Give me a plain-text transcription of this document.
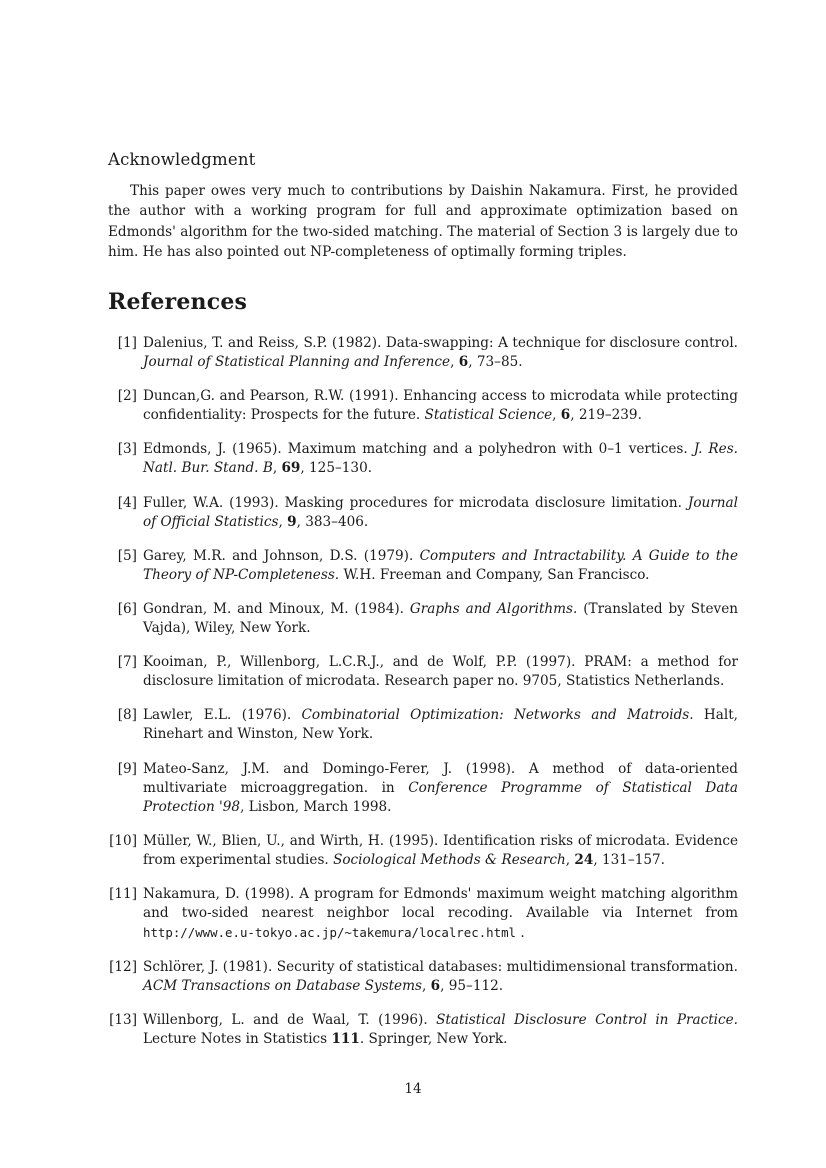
Acknowledgment
This paper owes very much to contributions by Daishin Nakamura. First, he provided the author with a working program for full and approximate optimization based on Edmonds' algorithm for the two-sided matching. The material of Section 3 is largely due to him. He has also pointed out NP-completeness of optimally forming triples.
References
[1] Dalenius, T. and Reiss, S.P. (1982). Data-swapping: A technique for disclosure control. Journal of Statistical Planning and Inference, 6, 73–85.
[2] Duncan,G. and Pearson, R.W. (1991). Enhancing access to microdata while protecting confidentiality: Prospects for the future. Statistical Science, 6, 219–239.
[3] Edmonds, J. (1965). Maximum matching and a polyhedron with 0–1 vertices. J. Res. Natl. Bur. Stand. B, 69, 125–130.
[4] Fuller, W.A. (1993). Masking procedures for microdata disclosure limitation. Journal of Official Statistics, 9, 383–406.
[5] Garey, M.R. and Johnson, D.S. (1979). Computers and Intractability. A Guide to the Theory of NP-Completeness. W.H. Freeman and Company, San Francisco.
[6] Gondran, M. and Minoux, M. (1984). Graphs and Algorithms. (Translated by Steven Vajda), Wiley, New York.
[7] Kooiman, P., Willenborg, L.C.R.J., and de Wolf, P.P. (1997). PRAM: a method for disclosure limitation of microdata. Research paper no. 9705, Statistics Netherlands.
[8] Lawler, E.L. (1976). Combinatorial Optimization: Networks and Matroids. Halt, Rinehart and Winston, New York.
[9] Mateo-Sanz, J.M. and Domingo-Ferer, J. (1998). A method of data-oriented multivariate microaggregation. in Conference Programme of Statistical Data Protection '98, Lisbon, March 1998.
[10] Müller, W., Blien, U., and Wirth, H. (1995). Identification risks of microdata. Evidence from experimental studies. Sociological Methods & Research, 24, 131–157.
[11] Nakamura, D. (1998). A program for Edmonds' maximum weight matching algorithm and two-sided nearest neighbor local recoding. Available via Internet from http://www.e.u-tokyo.ac.jp/~takemura/localrec.html .
[12] Schlörer, J. (1981). Security of statistical databases: multidimensional transformation. ACM Transactions on Database Systems, 6, 95–112.
[13] Willenborg, L. and de Waal, T. (1996). Statistical Disclosure Control in Practice. Lecture Notes in Statistics 111. Springer, New York.
14
